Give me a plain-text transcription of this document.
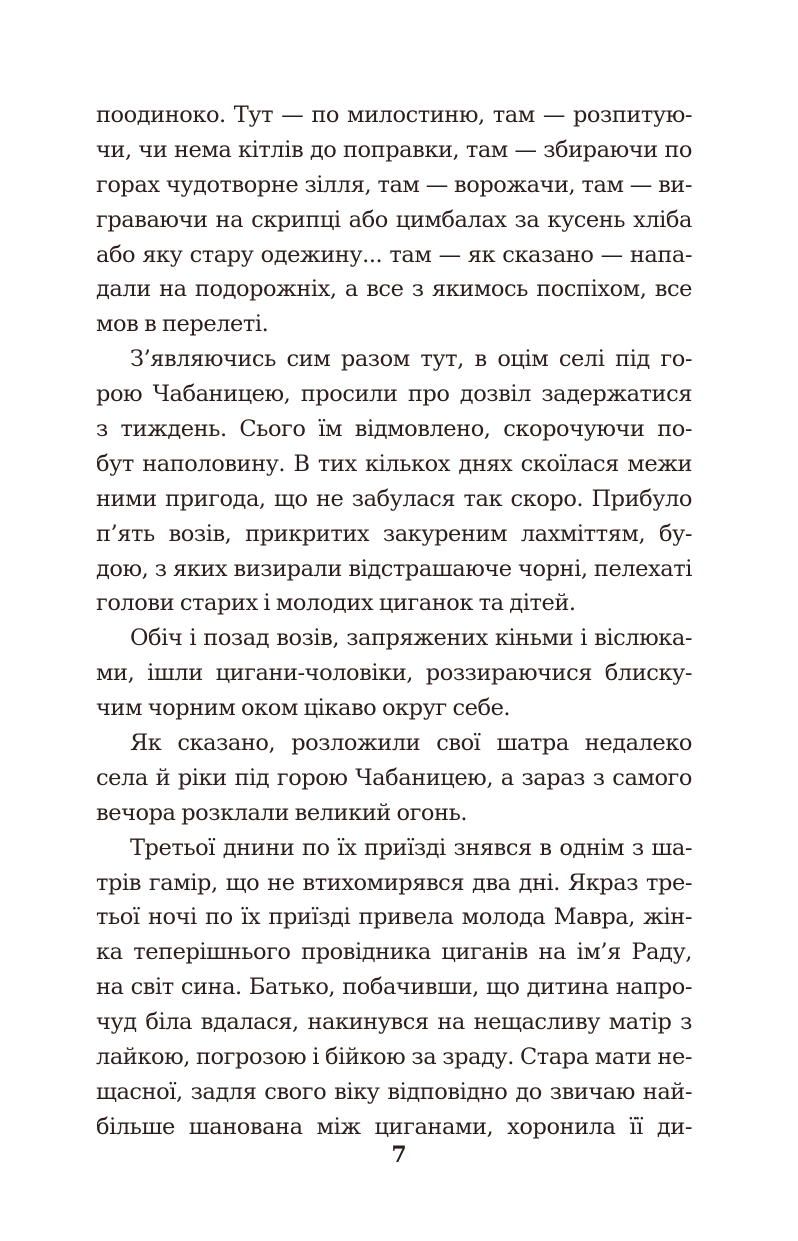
поодиноко. Тут — по милостиню, там — розпитую-
чи, чи нема кітлів до поправки, там — збираючи по
горах чудотворне зілля, там — ворожачи, там — ви-
граваючи на скрипці або цимбалах за кусень хліба
або яку стару одежину... там — як сказано — напа-
дали на подорожніх, а все з якимось поспіхом, все
мов в перелеті.
З’являючись сим разом тут, в оцім селі під го-
рою Чабаницею, просили про дозвіл задержатися
з тиждень. Сього їм відмовлено, скорочуючи по-
бут наполовину. В тих кількох днях скоїлася межи
ними пригода, що не забулася так скоро. Прибуло
п’ять возів, прикритих закуреним лахміттям, бу-
дою, з яких визирали відстрашаюче чорні, пелехаті
голови старих і молодих циганок та дітей.
Обіч і позад возів, запряжених кіньми і віслюка-
ми, ішли цигани-чоловіки, роззираючися блиску-
чим чорним оком цікаво округ себе.
Як сказано, розложили свої шатра недалеко
села й ріки під горою Чабаницею, а зараз з самого
вечора розклали великий огонь.
Третьої днини по їх приїзді знявся в однім з ша-
трів гамір, що не втихомирявся два дні. Якраз тре-
тьої ночі по їх приїзді привела молода Мавра, жін-
ка теперішнього провідника циганів на ім’я Раду,
на світ сина. Батько, побачивши, що дитина напро-
чуд біла вдалася, накинувся на нещасливу матір з
лайкою, погрозою і бійкою за зраду. Стара мати не-
щасної, задля свого віку відповідно до звичаю най-
більше шанована між циганами, хоронила її ди-
7
